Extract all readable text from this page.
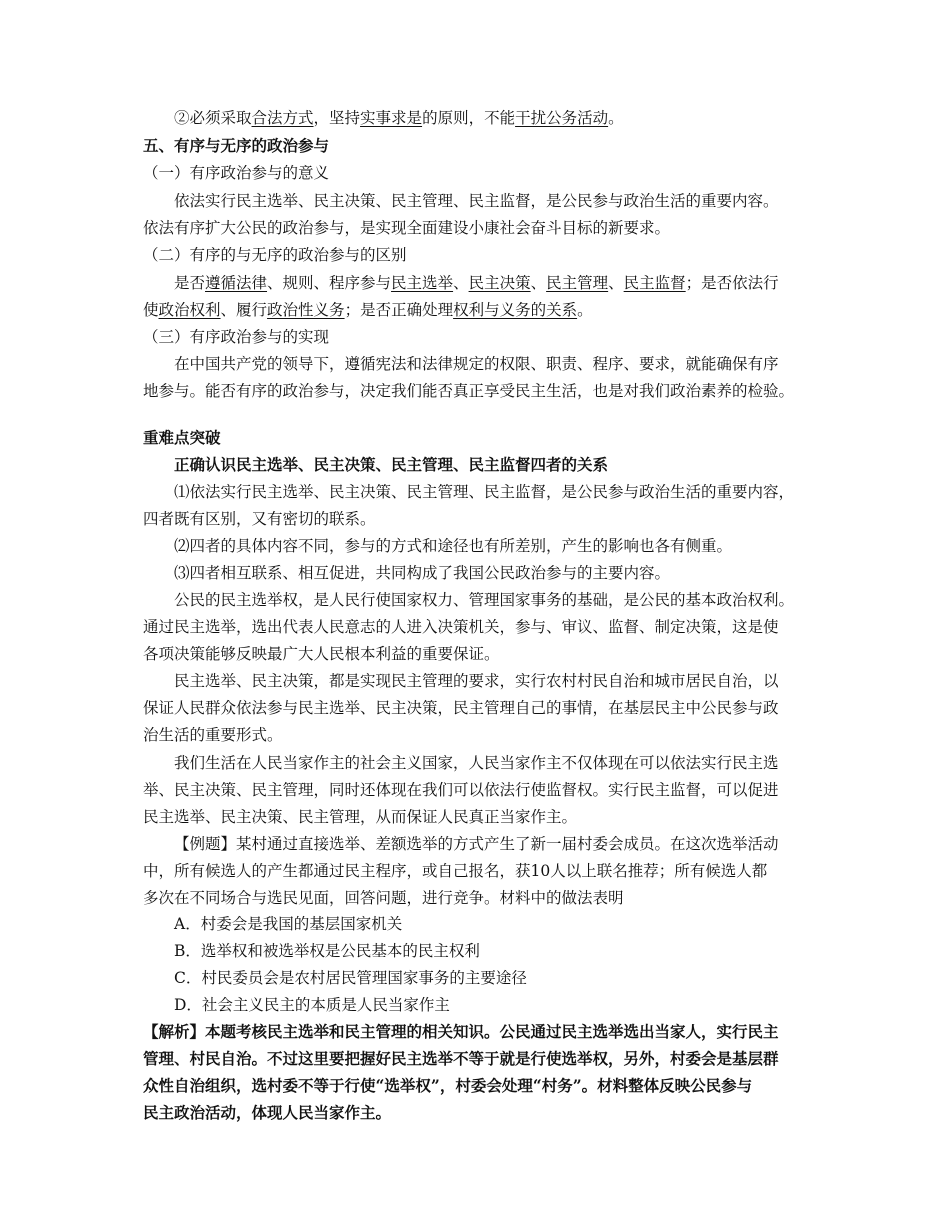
②必须采取合法方式，坚持实事求是的原则，不能干扰公务活动。
五、有序与无序的政治参与
（一）有序政治参与的意义
依法实行民主选举、民主决策、民主管理、民主监督，是公民参与政治生活的重要内容。
依法有序扩大公民的政治参与，是实现全面建设小康社会奋斗目标的新要求。
（二）有序的与无序的政治参与的区别
是否遵循法律、规则、程序参与民主选举、民主决策、民主管理、民主监督；是否依法行
使政治权利、履行政治性义务；是否正确处理权利与义务的关系。
（三）有序政治参与的实现
在中国共产党的领导下，遵循宪法和法律规定的权限、职责、程序、要求，就能确保有序
地参与。能否有序的政治参与，决定我们能否真正享受民主生活，也是对我们政治素养的检验。
重难点突破
正确认识民主选举、民主决策、民主管理、民主监督四者的关系
⑴依法实行民主选举、民主决策、民主管理、民主监督，是公民参与政治生活的重要内容，
四者既有区别，又有密切的联系。
⑵四者的具体内容不同，参与的方式和途径也有所差别，产生的影响也各有侧重。
⑶四者相互联系、相互促进，共同构成了我国公民政治参与的主要内容。
公民的民主选举权，是人民行使国家权力、管理国家事务的基础，是公民的基本政治权利。
通过民主选举，选出代表人民意志的人进入决策机关，参与、审议、监督、制定决策，这是使
各项决策能够反映最广大人民根本利益的重要保证。
民主选举、民主决策，都是实现民主管理的要求，实行农村村民自治和城市居民自治，以
保证人民群众依法参与民主选举、民主决策，民主管理自己的事情，在基层民主中公民参与政
治生活的重要形式。
我们生活在人民当家作主的社会主义国家，人民当家作主不仅体现在可以依法实行民主选
举、民主决策、民主管理，同时还体现在我们可以依法行使监督权。实行民主监督，可以促进
民主选举、民主决策、民主管理，从而保证人民真正当家作主。
【例题】某村通过直接选举、差额选举的方式产生了新一届村委会成员。在这次选举活动
中，所有候选人的产生都通过民主程序，或自己报名，获10人以上联名推荐；所有候选人都
多次在不同场合与选民见面，回答问题，进行竞争。材料中的做法表明
A．村委会是我国的基层国家机关
B．选举权和被选举权是公民基本的民主权利
C．村民委员会是农村居民管理国家事务的主要途径
D．社会主义民主的本质是人民当家作主
【解析】本题考核民主选举和民主管理的相关知识。公民通过民主选举选出当家人，实行民主
管理、村民自治。不过这里要把握好民主选举不等于就是行使选举权，另外，村委会是基层群
众性自治组织，选村委不等于行使“选举权”，村委会处理“村务”。材料整体反映公民参与
民主政治活动，体现人民当家作主。
